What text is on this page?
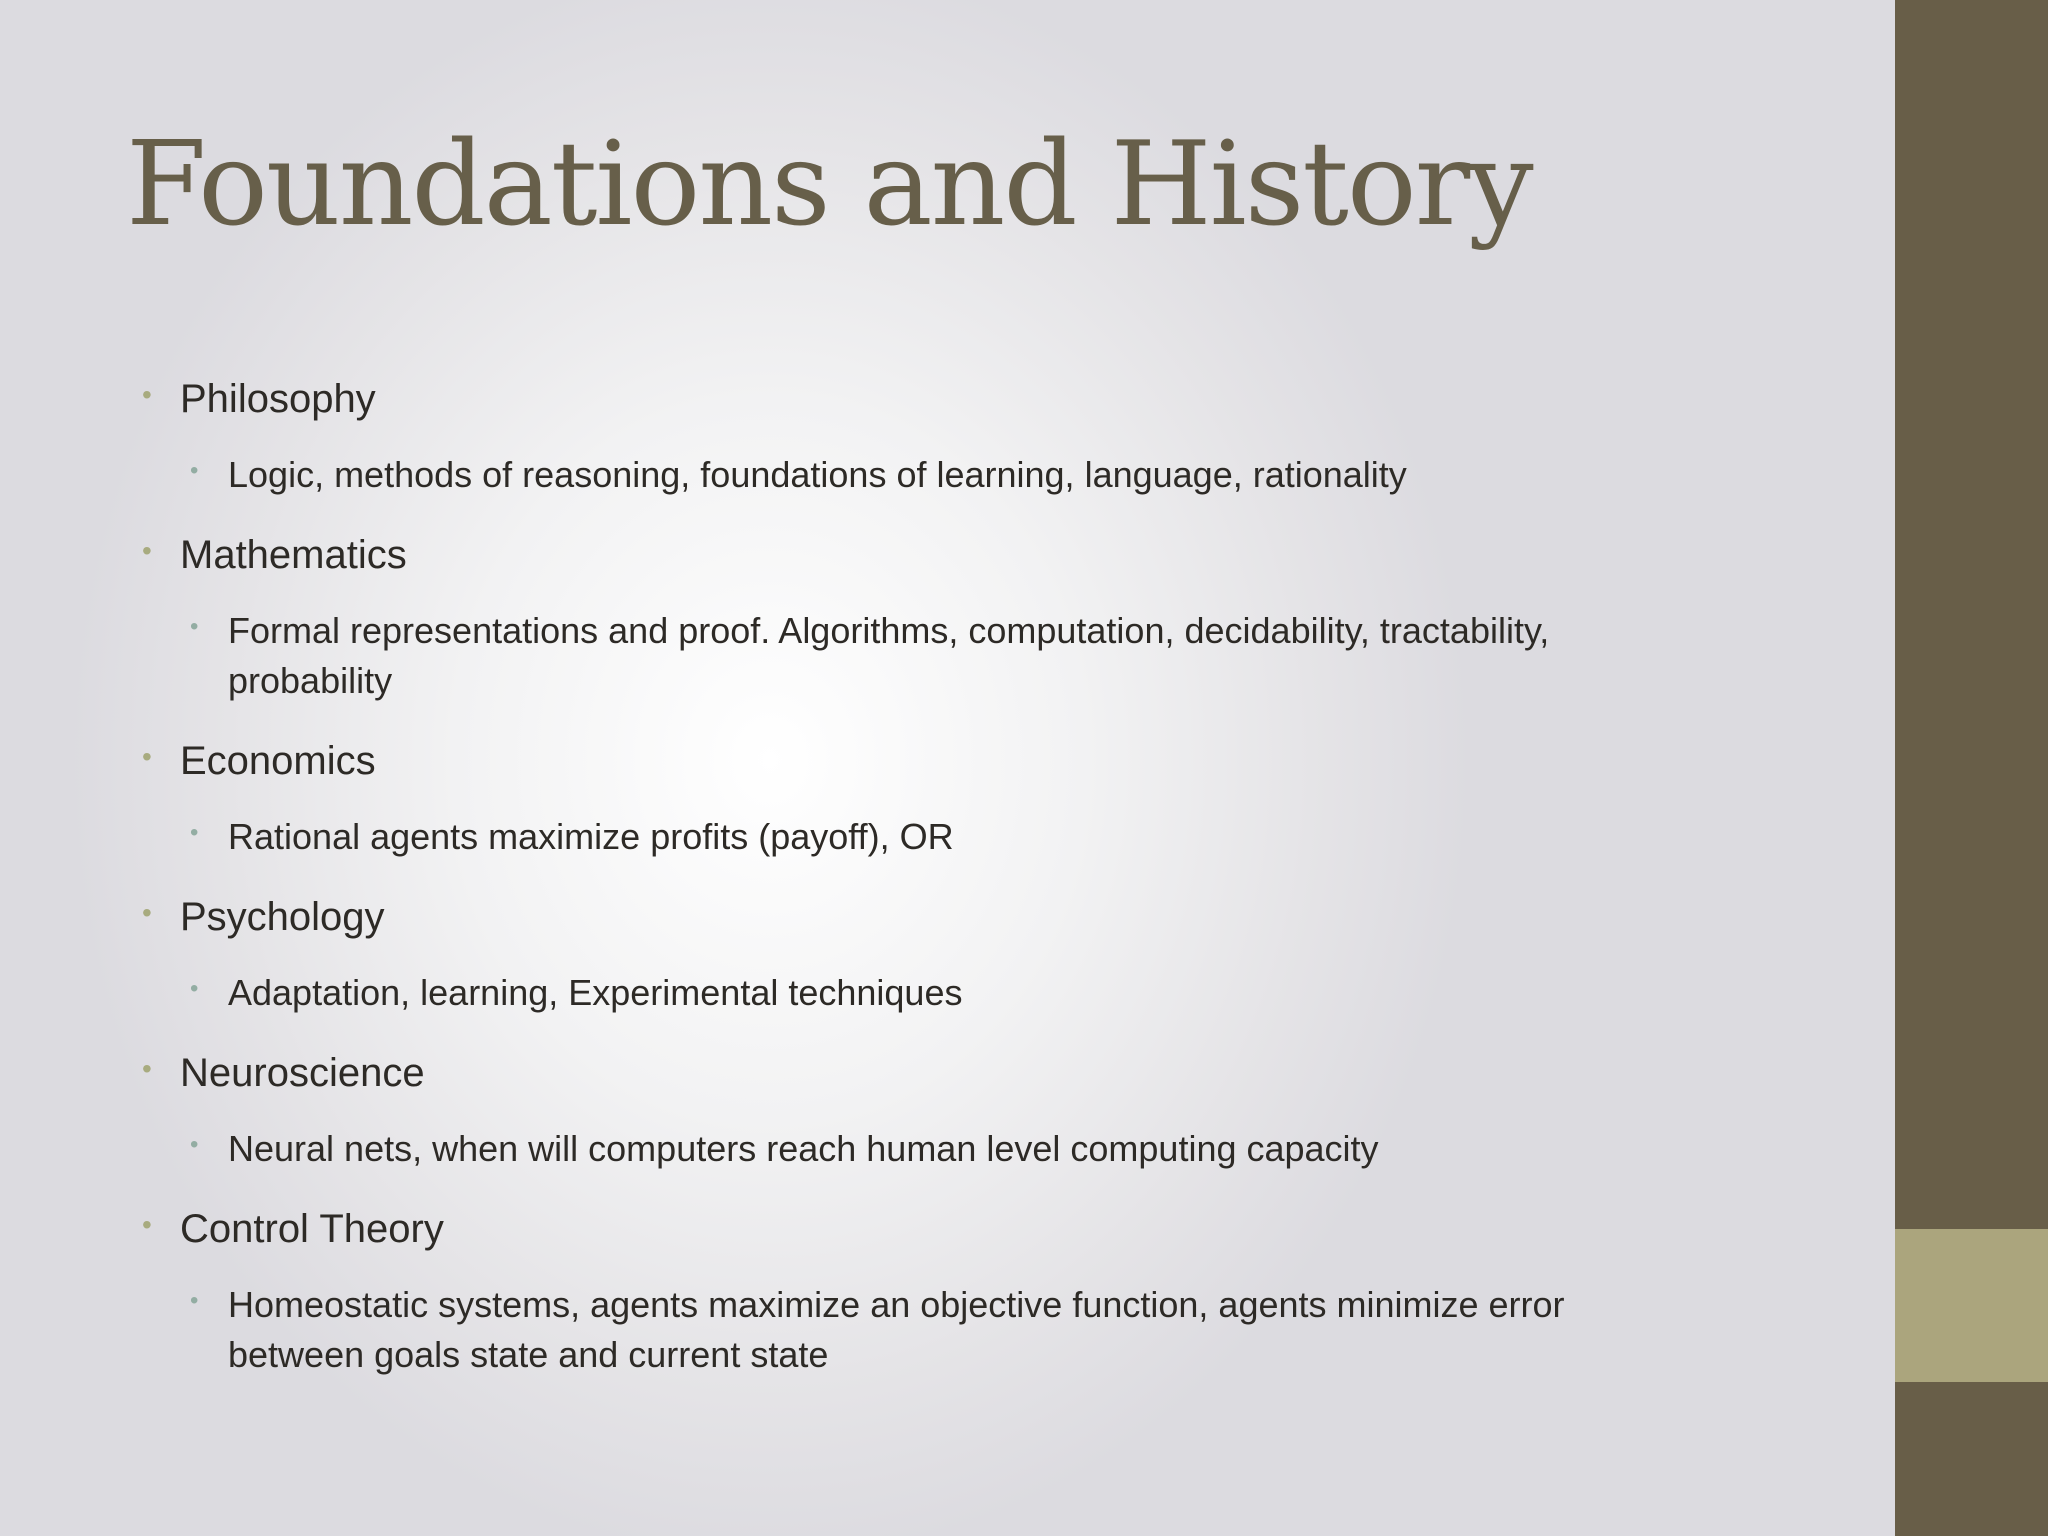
Foundations and History
• Philosophy
• Logic, methods of reasoning, foundations of learning, language, rationality
• Mathematics
• Formal representations and proof. Algorithms, computation, decidability, tractability, probability
• Economics
• Rational agents maximize profits (payoff), OR
• Psychology
• Adaptation, learning, Experimental techniques
• Neuroscience
• Neural nets, when will computers reach human level computing capacity
• Control Theory
• Homeostatic systems, agents maximize an objective function, agents minimize error between goals state and current state
